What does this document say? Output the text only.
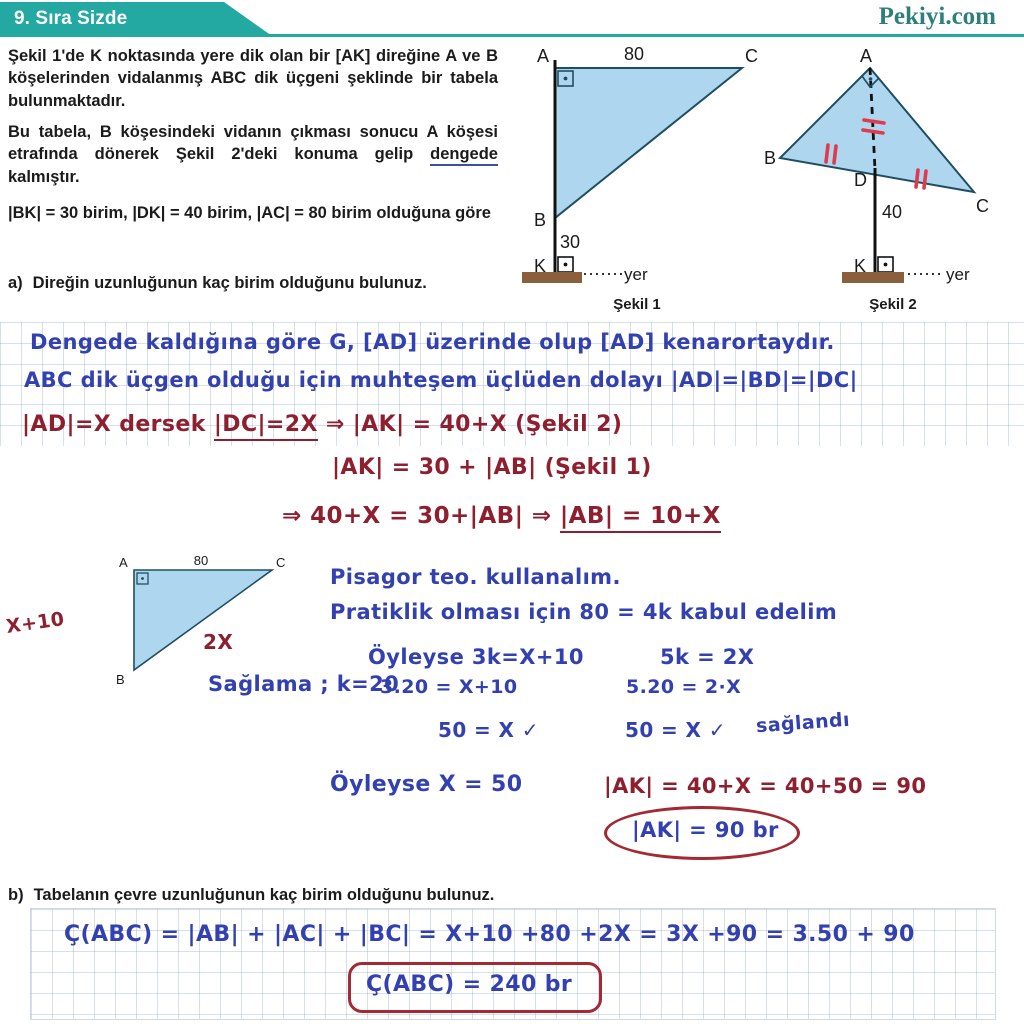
9. Sıra Sizde	Pekiyi.com
Şekil 1'de K noktasında yere dik olan bir [AK] direğine A ve B köşelerinden vidalanmış ABC dik üçgeni şeklinde bir tabela bulunmaktadır.
Bu tabela, B köşesindeki vidanın çıkması sonucu A köşesi etrafında dönerek Şekil 2'deki konuma gelip dengede kalmıştır.
|BK| = 30 birim, |DK| = 40 birim, |AC| = 80 birim olduğuna göre
a) Direğin uzunluğunun kaç birim olduğunu bulunuz.	yer
A
B
C
K
80
30
Şekil 1
yer
A
B
C
D
K
40
Şekil 2
Dengede kaldığına göre G, [AD] üzerinde olup [AD] kenarortaydır.
ABC dik üçgen olduğu için muhteşem üçlüden dolayı |AD|=|BD|=|DC|
|AD|=X dersek |DC|=2X ⇒ |AK| = 40+X (Şekil 2)
|AK| = 30 + |AB| (Şekil 1)
⇒ 40+X = 30+|AB| ⇒ |AB| = 10+X
A
B
C
80
X+10
2X
Pisagor teo. kullanalım.
Pratiklik olması için 80 = 4k kabul edelim
Öyleyse 3k=X+10	5k = 2X
Sağlama ; k=20
3.20 = X+10	5.20 = 2·X
50 = X ✓	50 = X ✓ sağlandı
Öyleyse X = 50	|AK| = 40+X = 40+50 = 90
|AK| = 90 br
b) Tabelanın çevre uzunluğunun kaç birim olduğunu bulunuz.
Ç(ABC) = |AB| + |AC| + |BC| = X+10 +80 +2X = 3X +90 = 3.50 + 90
Ç(ABC) = 240 br
